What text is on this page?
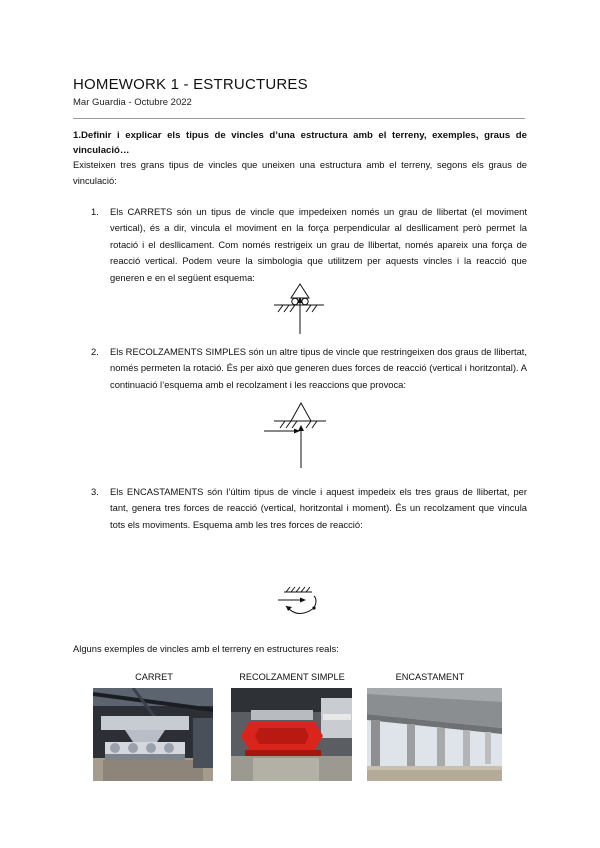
HOMEWORK 1 - ESTRUCTURES
Mar Guardia - Octubre 2022
1.Definir i explicar els tipus de vincles d’una estructura amb el terreny, exemples, graus de vinculació…
Existeixen tres grans tipus de vincles que uneixen una estructura amb el terreny, segons els graus de vinculació:
1. Els CARRETS són un tipus de vincle que impedeixen només un grau de llibertat (el moviment vertical), és a dir, vincula el moviment en la força perpendicular al desllicament però permet la rotació i el desllicament. Com només restrigeix un grau de llibertat, només apareix una força de reacció vertical. Podem veure la simbologia que utilitzem per aquests vincles i la reacció que generen e en el següent esquema:
2. Els RECOLZAMENTS SIMPLES són un altre tipus de vincle que restringeixen dos graus de llibertat, només permeten la rotació. És per això que generen dues forces de reacció (vertical i horitzontal). A continuació l’esquema amb el recolzament i les reaccions que provoca:
3. Els ENCASTAMENTS són l’últim tipus de vincle i aquest impedeix els tres graus de llibertat, per tant, genera tres forces de reacció (vertical, horitzontal i moment). És un recolzament que vincula tots els moviments. Esquema amb les tres forces de reacció:
Alguns exemples de vincles amb el terreny en estructures reals:
CARRET	RECOLZAMENT SIMPLE	ENCASTAMENT
